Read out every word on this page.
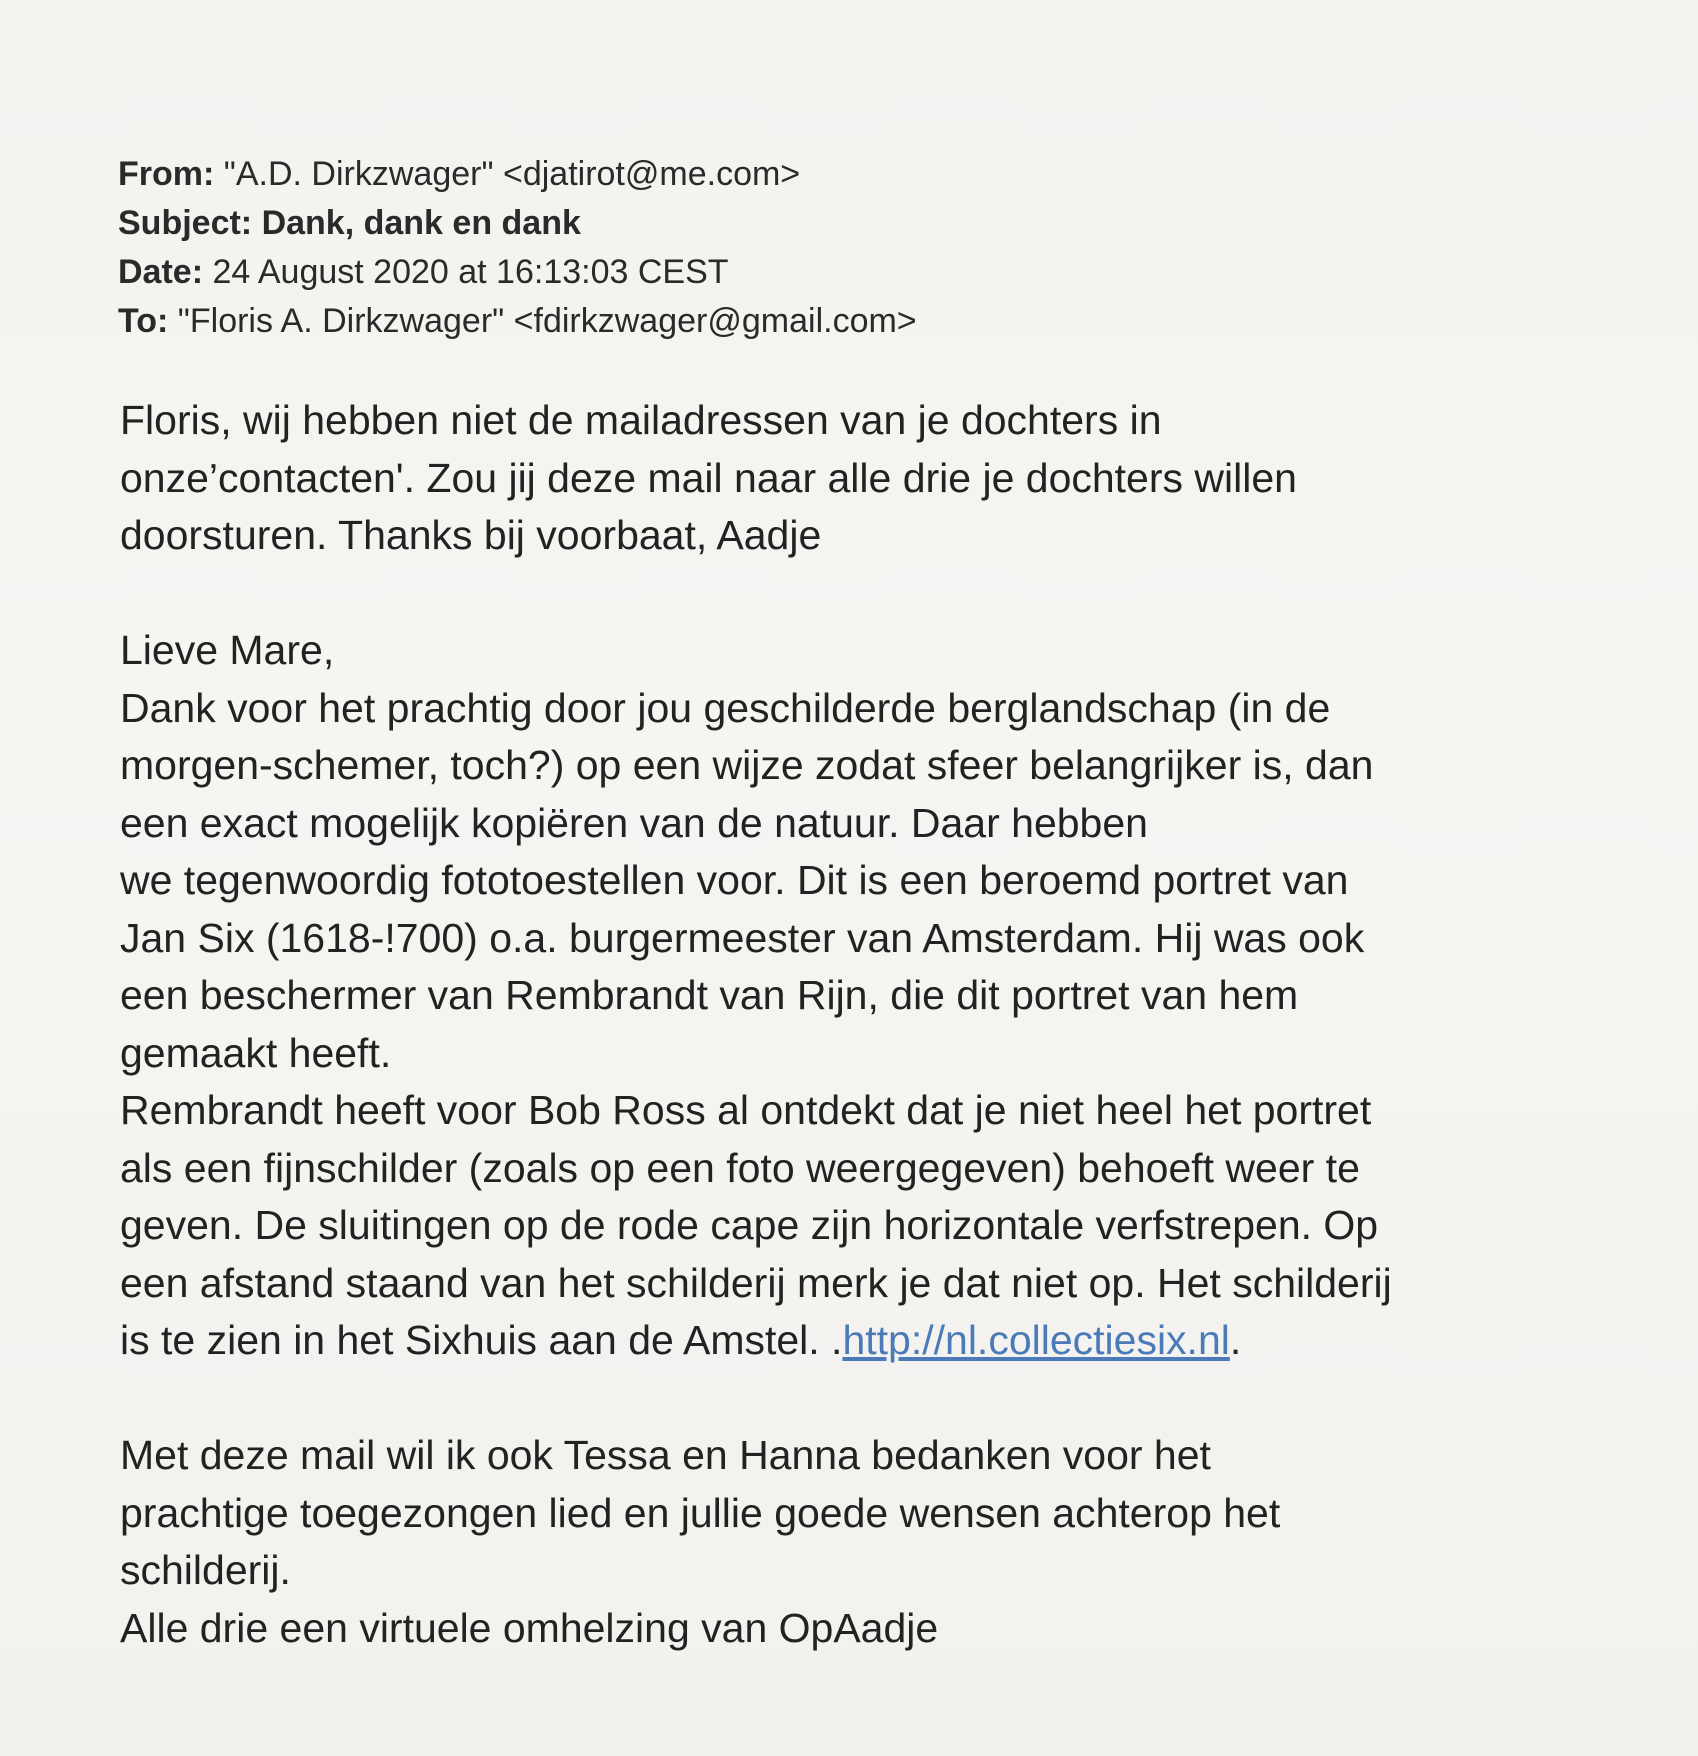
From: "A.D. Dirkzwager" <djatirot@me.com>
Subject: Dank, dank en dank
Date: 24 August 2020 at 16:13:03 CEST
To: "Floris A. Dirkzwager" <fdirkzwager@gmail.com>
Floris, wij hebben niet de mailadressen van je dochters in
onze’contacten'. Zou jij deze mail naar alle drie je dochters willen
doorsturen. Thanks bij voorbaat, Aadje
Lieve Mare,
Dank voor het prachtig door jou geschilderde berglandschap (in de
morgen-schemer, toch?) op een wijze zodat sfeer belangrijker is, dan
een exact mogelijk kopiëren van de natuur. Daar hebben
we tegenwoordig fototoestellen voor. Dit is een beroemd portret van
Jan Six (1618-!700) o.a. burgermeester van Amsterdam. Hij was ook
een beschermer van Rembrandt van Rijn, die dit portret van hem
gemaakt heeft.
Rembrandt heeft voor Bob Ross al ontdekt dat je niet heel het portret
als een fijnschilder (zoals op een foto weergegeven) behoeft weer te
geven. De sluitingen op de rode cape zijn horizontale verfstrepen. Op
een afstand staand van het schilderij merk je dat niet op. Het schilderij
is te zien in het Sixhuis aan de Amstel. .http://nl.collectiesix.nl.
Met deze mail wil ik ook Tessa en Hanna bedanken voor het
prachtige toegezongen lied en jullie goede wensen achterop het
schilderij.
Alle drie een virtuele omhelzing van OpAadje
